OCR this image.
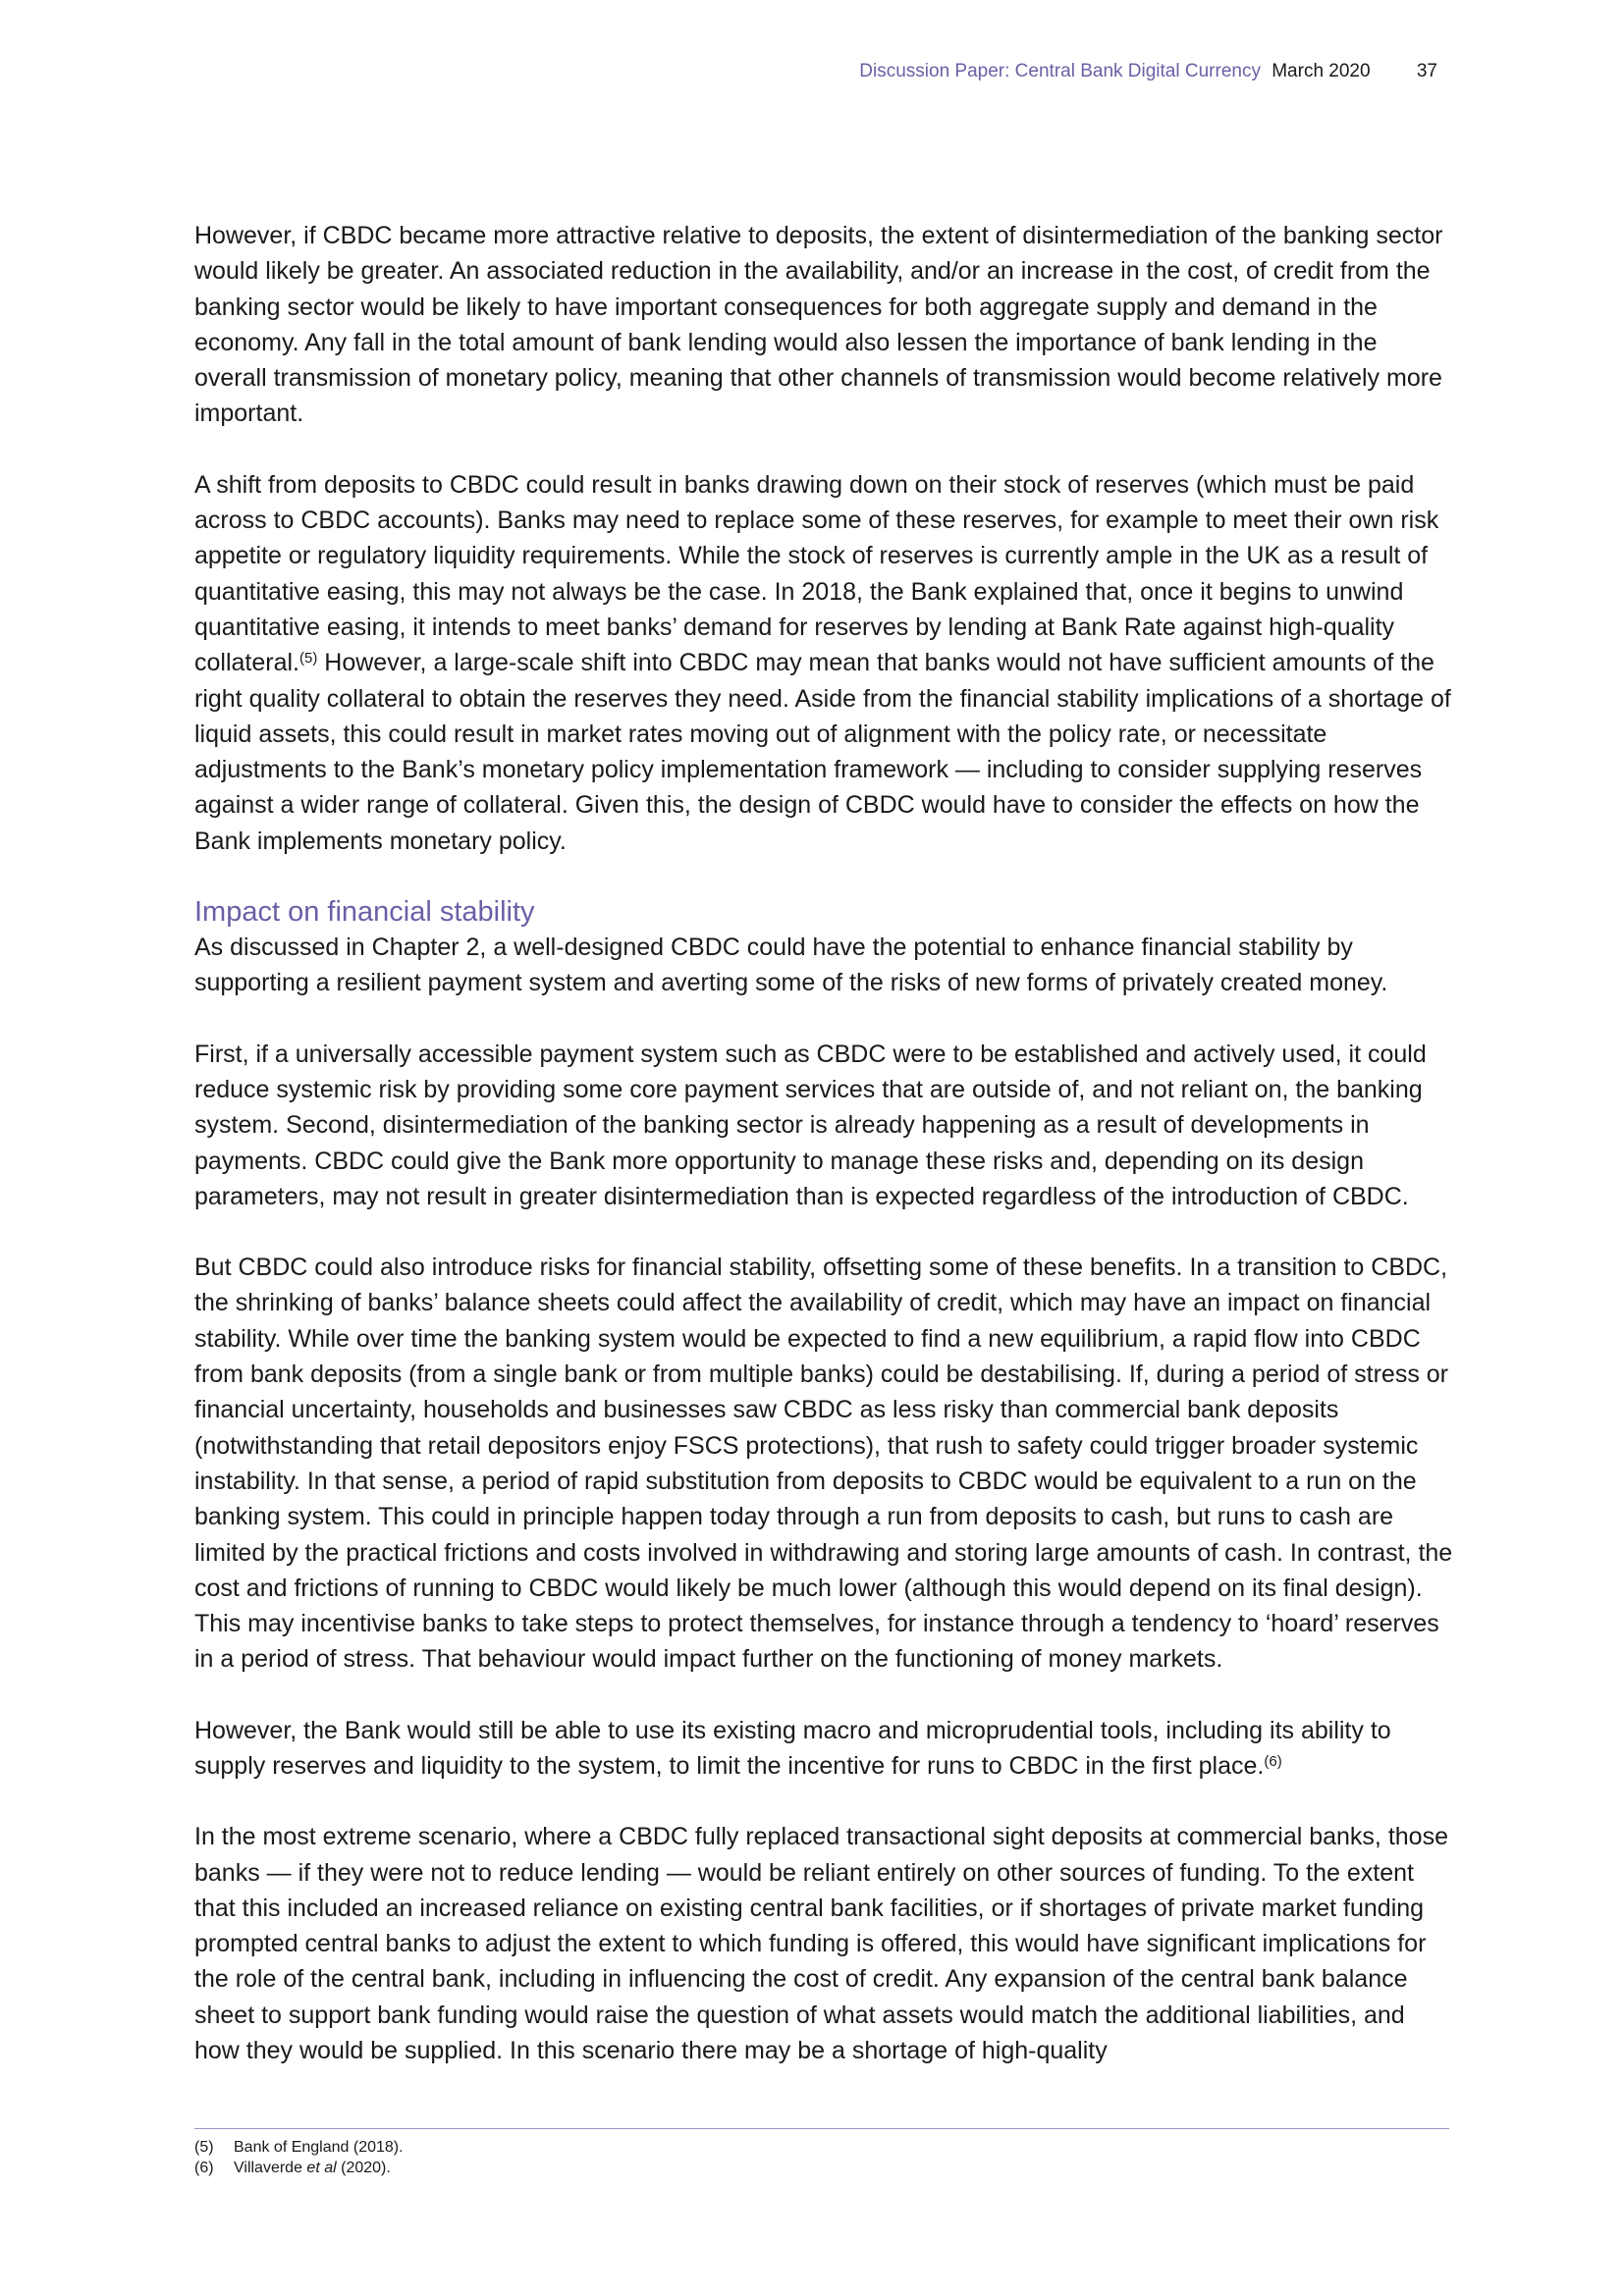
Discussion Paper: Central Bank Digital Currency March 2020 37

However, if CBDC became more attractive relative to deposits, the extent of disintermediation of the banking sector would likely be greater. An associated reduction in the availability, and/or an increase in the cost, of credit from the banking sector would be likely to have important consequences for both aggregate supply and demand in the economy. Any fall in the total amount of bank lending would also lessen the importance of bank lending in the overall transmission of monetary policy, meaning that other channels of transmission would become relatively more important.

A shift from deposits to CBDC could result in banks drawing down on their stock of reserves (which must be paid across to CBDC accounts). Banks may need to replace some of these reserves, for example to meet their own risk appetite or regulatory liquidity requirements. While the stock of reserves is currently ample in the UK as a result of quantitative easing, this may not always be the case. In 2018, the Bank explained that, once it begins to unwind quantitative easing, it intends to meet banks’ demand for reserves by lending at Bank Rate against high-quality collateral.$^{(5)}$ However, a large-scale shift into CBDC may mean that banks would not have sufficient amounts of the right quality collateral to obtain the reserves they need. Aside from the financial stability implications of a shortage of liquid assets, this could result in market rates moving out of alignment with the policy rate, or necessitate adjustments to the Bank’s monetary policy implementation framework — including to consider supplying reserves against a wider range of collateral. Given this, the design of CBDC would have to consider the effects on how the Bank implements monetary policy.

Impact on financial stability

As discussed in Chapter 2, a well-designed CBDC could have the potential to enhance financial stability by supporting a resilient payment system and averting some of the risks of new forms of privately created money.

First, if a universally accessible payment system such as CBDC were to be established and actively used, it could reduce systemic risk by providing some core payment services that are outside of, and not reliant on, the banking system. Second, disintermediation of the banking sector is already happening as a result of developments in payments. CBDC could give the Bank more opportunity to manage these risks and, depending on its design parameters, may not result in greater disintermediation than is expected regardless of the introduction of CBDC.

But CBDC could also introduce risks for financial stability, offsetting some of these benefits. In a transition to CBDC, the shrinking of banks’ balance sheets could affect the availability of credit, which may have an impact on financial stability. While over time the banking system would be expected to find a new equilibrium, a rapid flow into CBDC from bank deposits (from a single bank or from multiple banks) could be destabilising. If, during a period of stress or financial uncertainty, households and businesses saw CBDC as less risky than commercial bank deposits (notwithstanding that retail depositors enjoy FSCS protections), that rush to safety could trigger broader systemic instability. In that sense, a period of rapid substitution from deposits to CBDC would be equivalent to a run on the banking system. This could in principle happen today through a run from deposits to cash, but runs to cash are limited by the practical frictions and costs involved in withdrawing and storing large amounts of cash. In contrast, the cost and frictions of running to CBDC would likely be much lower (although this would depend on its final design). This may incentivise banks to take steps to protect themselves, for instance through a tendency to ‘hoard’ reserves in a period of stress. That behaviour would impact further on the functioning of money markets.

However, the Bank would still be able to use its existing macro and microprudential tools, including its ability to supply reserves and liquidity to the system, to limit the incentive for runs to CBDC in the first place.$^{(6)}$

In the most extreme scenario, where a CBDC fully replaced transactional sight deposits at commercial banks, those banks — if they were not to reduce lending — would be reliant entirely on other sources of funding. To the extent that this included an increased reliance on existing central bank facilities, or if shortages of private market funding prompted central banks to adjust the extent to which funding is offered, this would have significant implications for the role of the central bank, including in influencing the cost of credit. Any expansion of the central bank balance sheet to support bank funding would raise the question of what assets would match the additional liabilities, and how they would be supplied. In this scenario there may be a shortage of high-quality

(5)	Bank of England (2018).
(6)	Villaverde et al (2020).
